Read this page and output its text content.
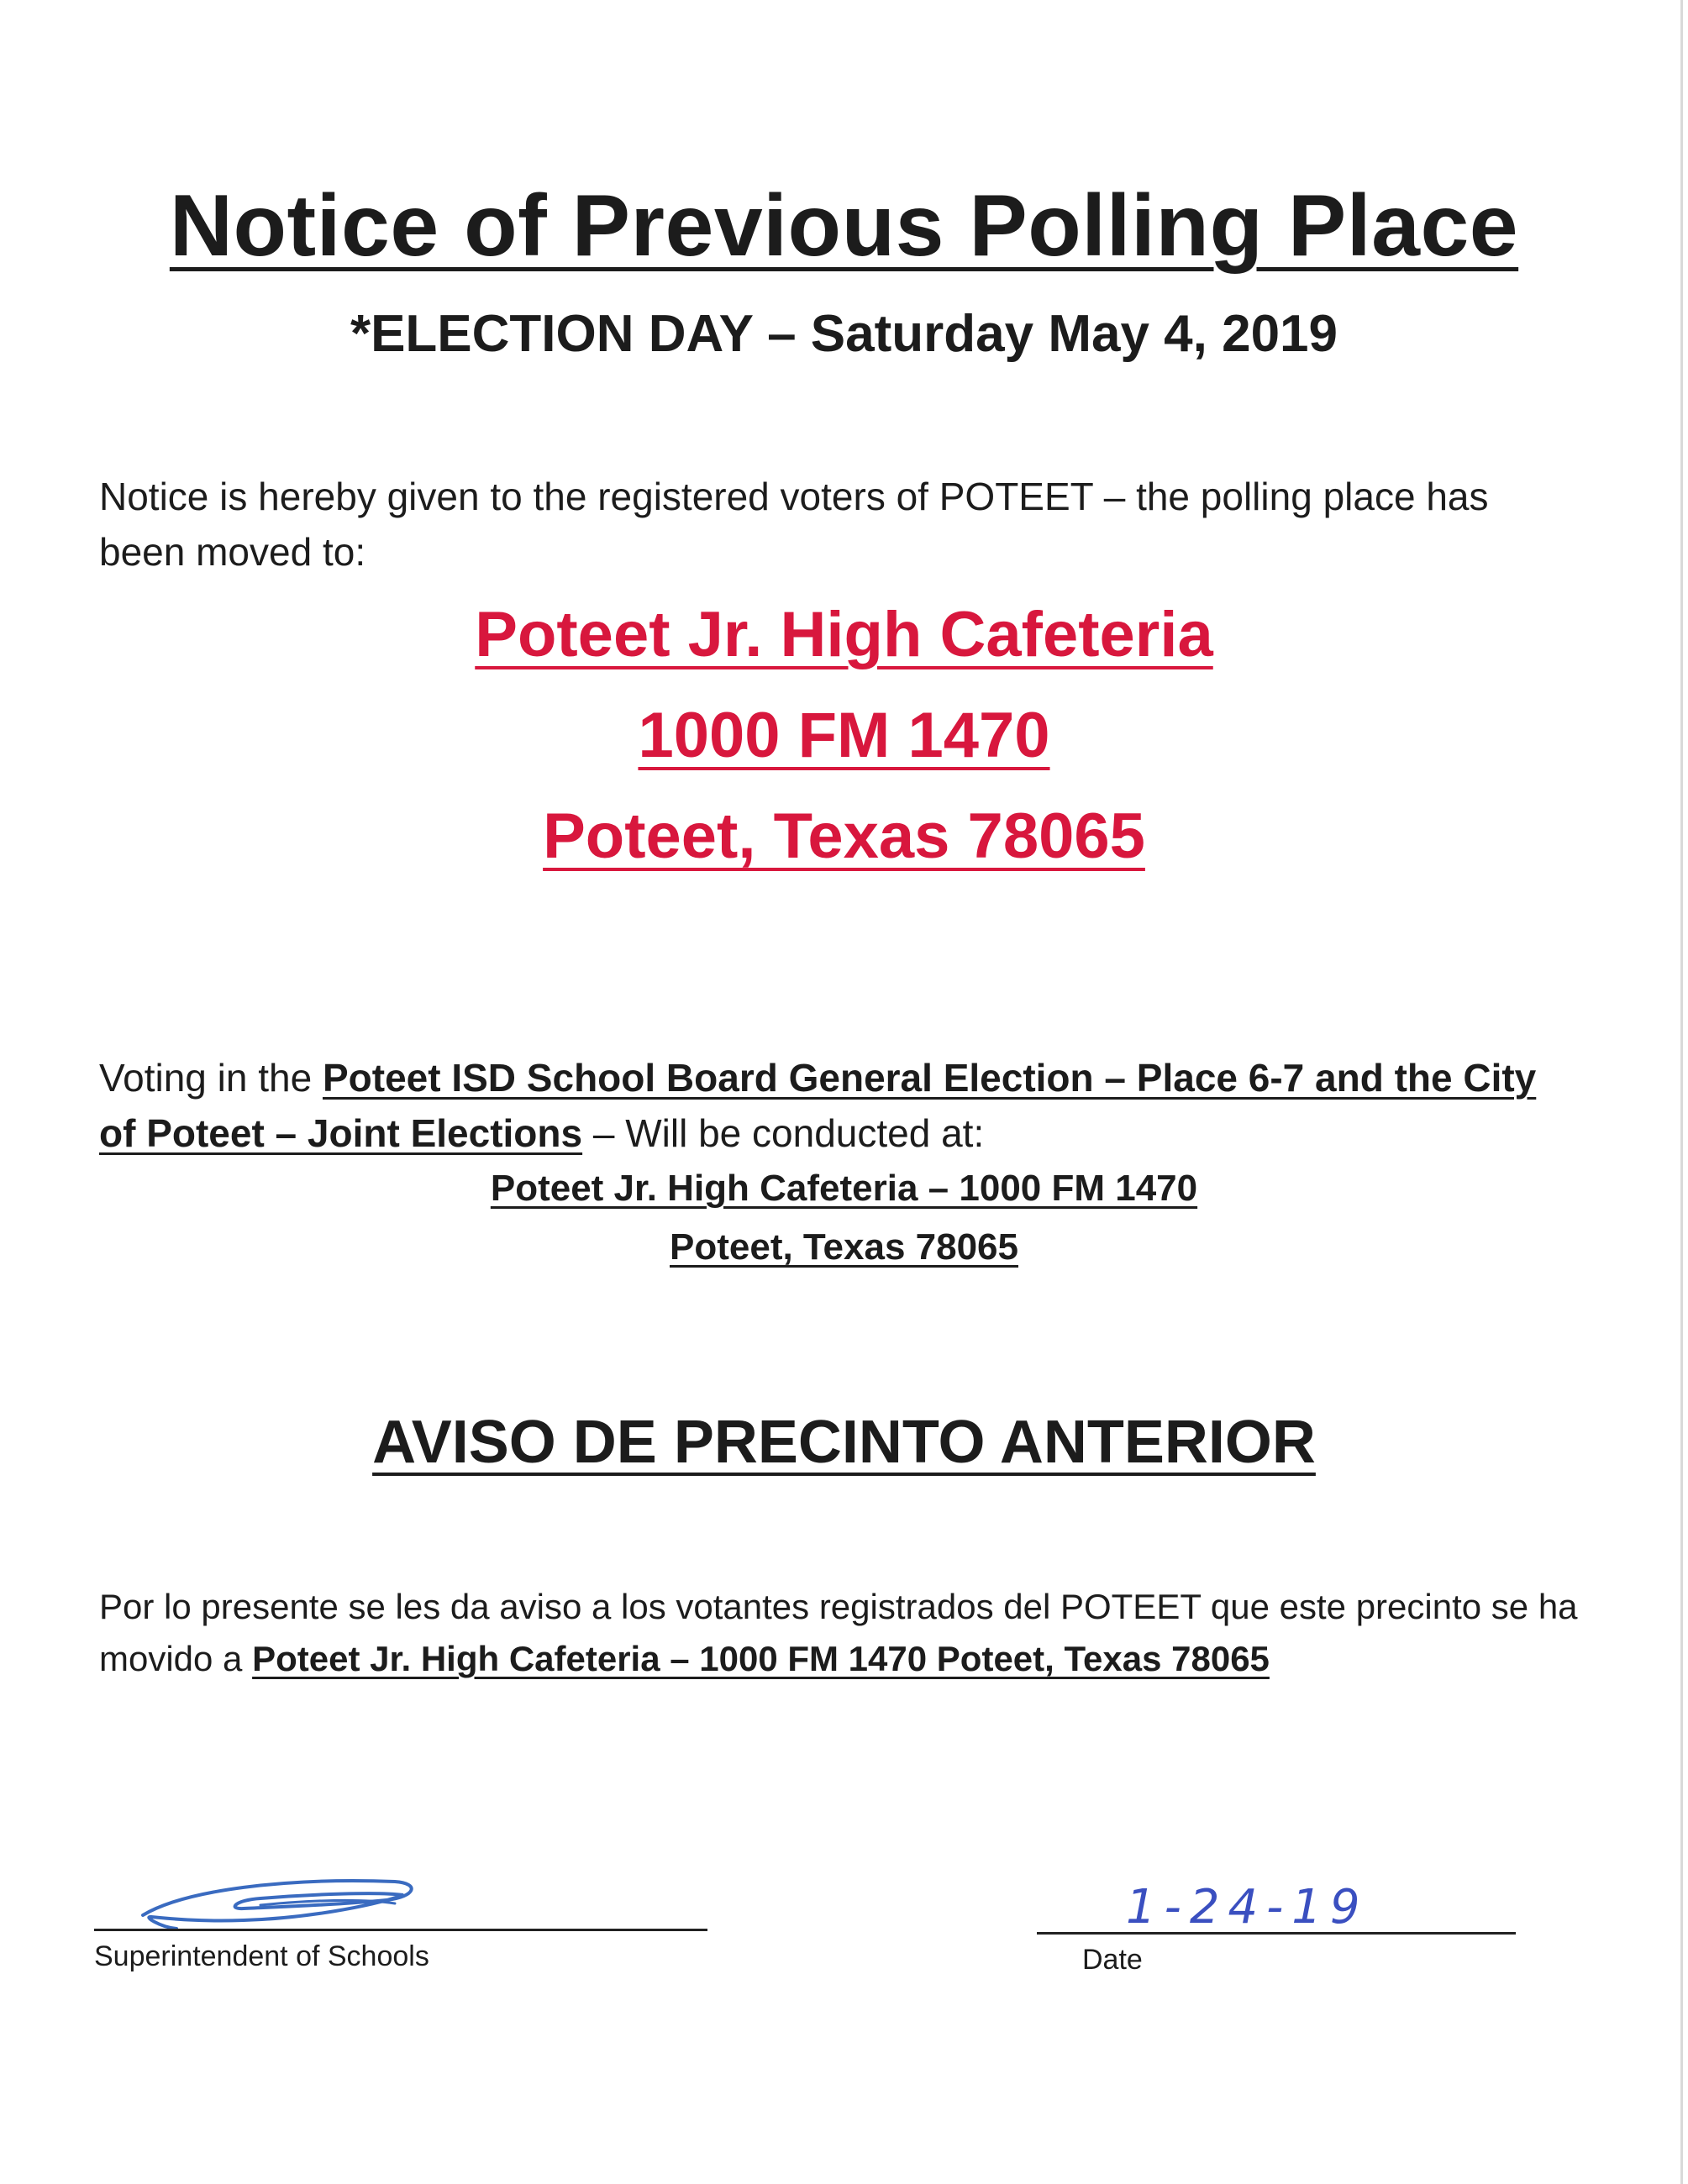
Notice of Previous Polling Place
*ELECTION DAY – Saturday May 4, 2019
Notice is hereby given to the registered voters of POTEET – the polling place has been moved to:
Poteet Jr. High Cafeteria
1000 FM 1470
Poteet, Texas 78065
Voting in the Poteet ISD School Board General Election – Place 6-7 and the City of Poteet – Joint Elections – Will be conducted at:
Poteet Jr. High Cafeteria – 1000 FM 1470
Poteet, Texas 78065
AVISO DE PRECINTO ANTERIOR
Por lo presente se les da aviso a los votantes registrados del POTEET que este precinto se ha movido a Poteet Jr. High Cafeteria – 1000 FM 1470 Poteet, Texas 78065
Superintendent of Schools
1-24-19
Date
